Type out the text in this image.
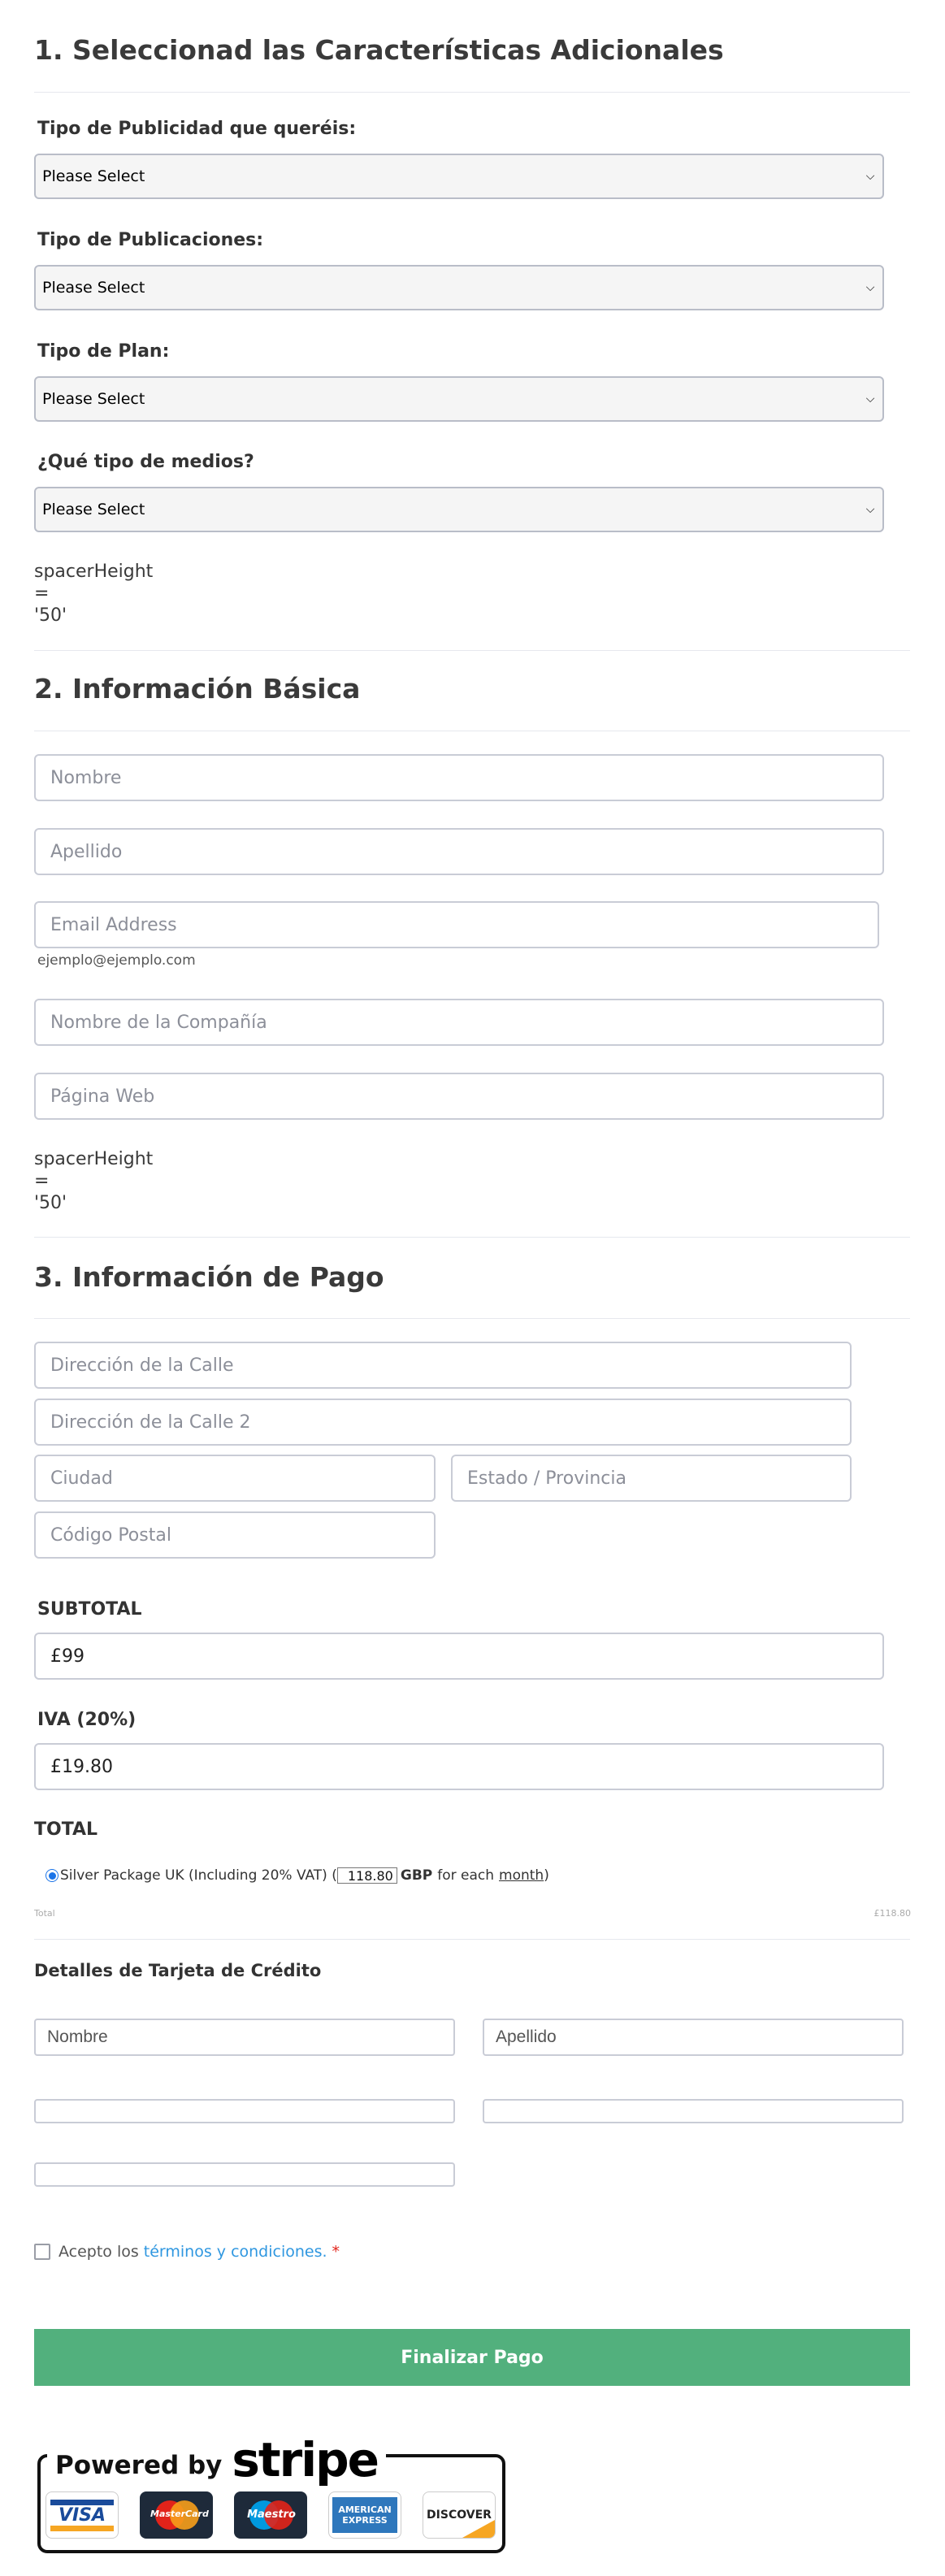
1. Seleccionad las Características Adicionales
Tipo de Publicidad que queréis:
Please Select	⌵
Tipo de Publicaciones:
Please Select	⌵
Tipo de Plan:
Please Select	⌵
¿Qué tipo de medios?
Please Select	⌵
spacerHeight
=
'50'
2. Información Básica
Nombre
Apellido
Email Address
ejemplo@ejemplo.com
Nombre de la Compañía
Página Web
spacerHeight
=
'50'
3. Información de Pago
Dirección de la Calle
Dirección de la Calle 2
Ciudad	Estado / Provincia
Código Postal
SUBTOTAL
£99
IVA (20%)
£19.80
TOTAL
Silver Package UK (Including 20% VAT) ( 118.80 GBP for each month )
Total	£118.80
Detalles de Tarjeta de Crédito
Nombre	Apellido
Acepto los términos y condiciones. *
Finalizar Pago
Powered by stripe
VISA	MasterCard	Maestro	AMERICAN EXPRESS	DISCOVER
